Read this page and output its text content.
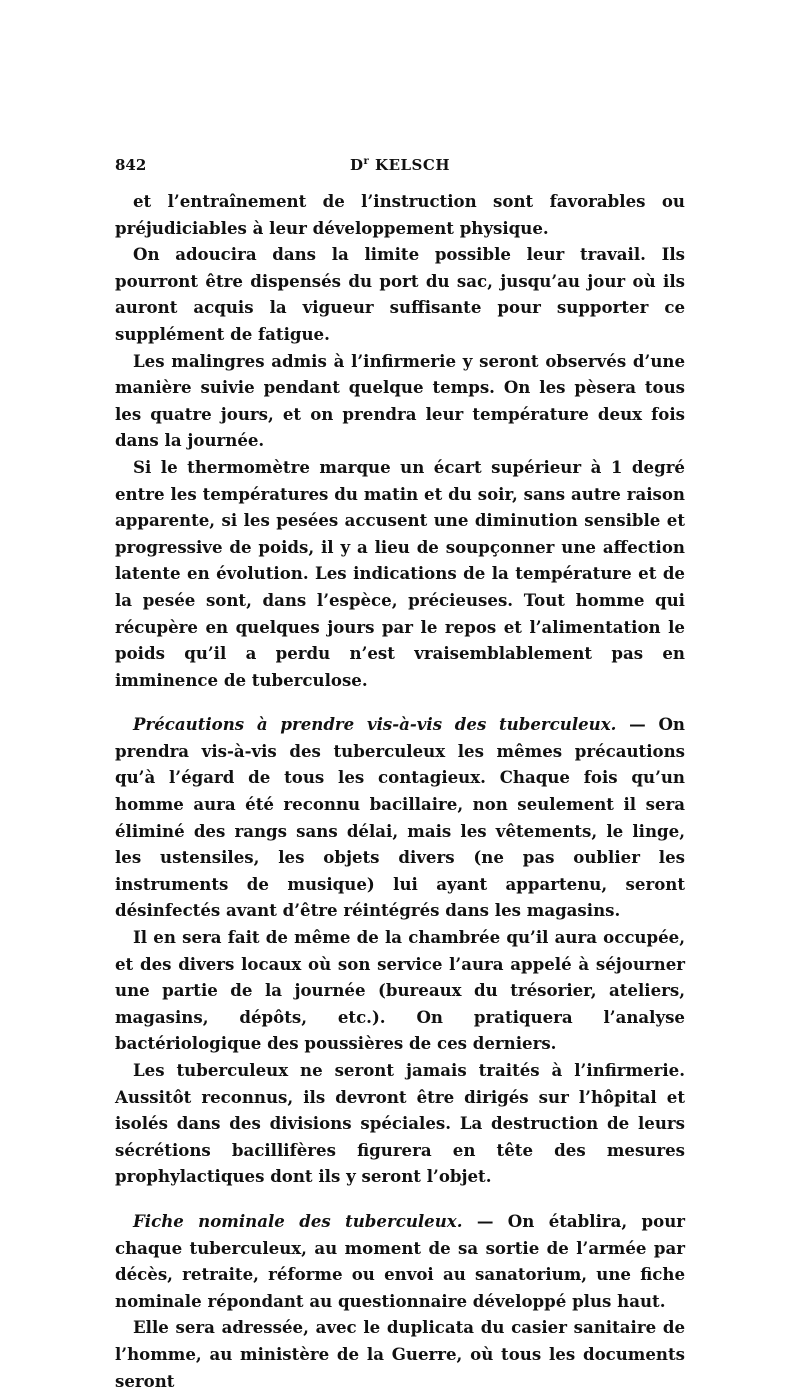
842	$D^r$ KELSCH

et l’entraînement de l’instruction sont favorables ou préjudiciables à leur développement physique.

On adoucira dans la limite possible leur travail. Ils pourront être dispensés du port du sac, jusqu’au jour où ils auront acquis la vigueur suffisante pour supporter ce supplément de fatigue.

Les malingres admis à l’infirmerie y seront observés d’une manière suivie pendant quelque temps. On les pèsera tous les quatre jours, et on prendra leur température deux fois dans la journée.

Si le thermomètre marque un écart supérieur à 1 degré entre les températures du matin et du soir, sans autre raison apparente, si les pesées accusent une diminution sensible et progressive de poids, il y a lieu de soupçonner une affection latente en évolution. Les indications de la température et de la pesée sont, dans l’espèce, précieuses. Tout homme qui récupère en quelques jours par le repos et l’alimentation le poids qu’il a perdu n’est vraisemblablement pas en imminence de tuberculose.

Précautions à prendre vis-à-vis des tuberculeux. — On prendra vis-à-vis des tuberculeux les mêmes précautions qu’à l’égard de tous les contagieux. Chaque fois qu’un homme aura été reconnu bacillaire, non seulement il sera éliminé des rangs sans délai, mais les vêtements, le linge, les ustensiles, les objets divers (ne pas oublier les instruments de musique) lui ayant appartenu, seront désinfectés avant d’être réintégrés dans les magasins.

Il en sera fait de même de la chambrée qu’il aura occupée, et des divers locaux où son service l’aura appelé à séjourner une partie de la journée (bureaux du trésorier, ateliers, magasins, dépôts, etc.). On pratiquera l’analyse bactériologique des poussières de ces derniers.

Les tuberculeux ne seront jamais traités à l’infirmerie. Aussitôt reconnus, ils devront être dirigés sur l’hôpital et isolés dans des divisions spéciales. La destruction de leurs sécrétions bacillifères figurera en tête des mesures prophylactiques dont ils y seront l’objet.

Fiche nominale des tuberculeux. — On établira, pour chaque tuberculeux, au moment de sa sortie de l’armée par décès, retraite, réforme ou envoi au sanatorium, une fiche nominale répondant au questionnaire développé plus haut.

Elle sera adressée, avec le duplicata du casier sanitaire de l’homme, au ministère de la Guerre, où tous les documents seront
